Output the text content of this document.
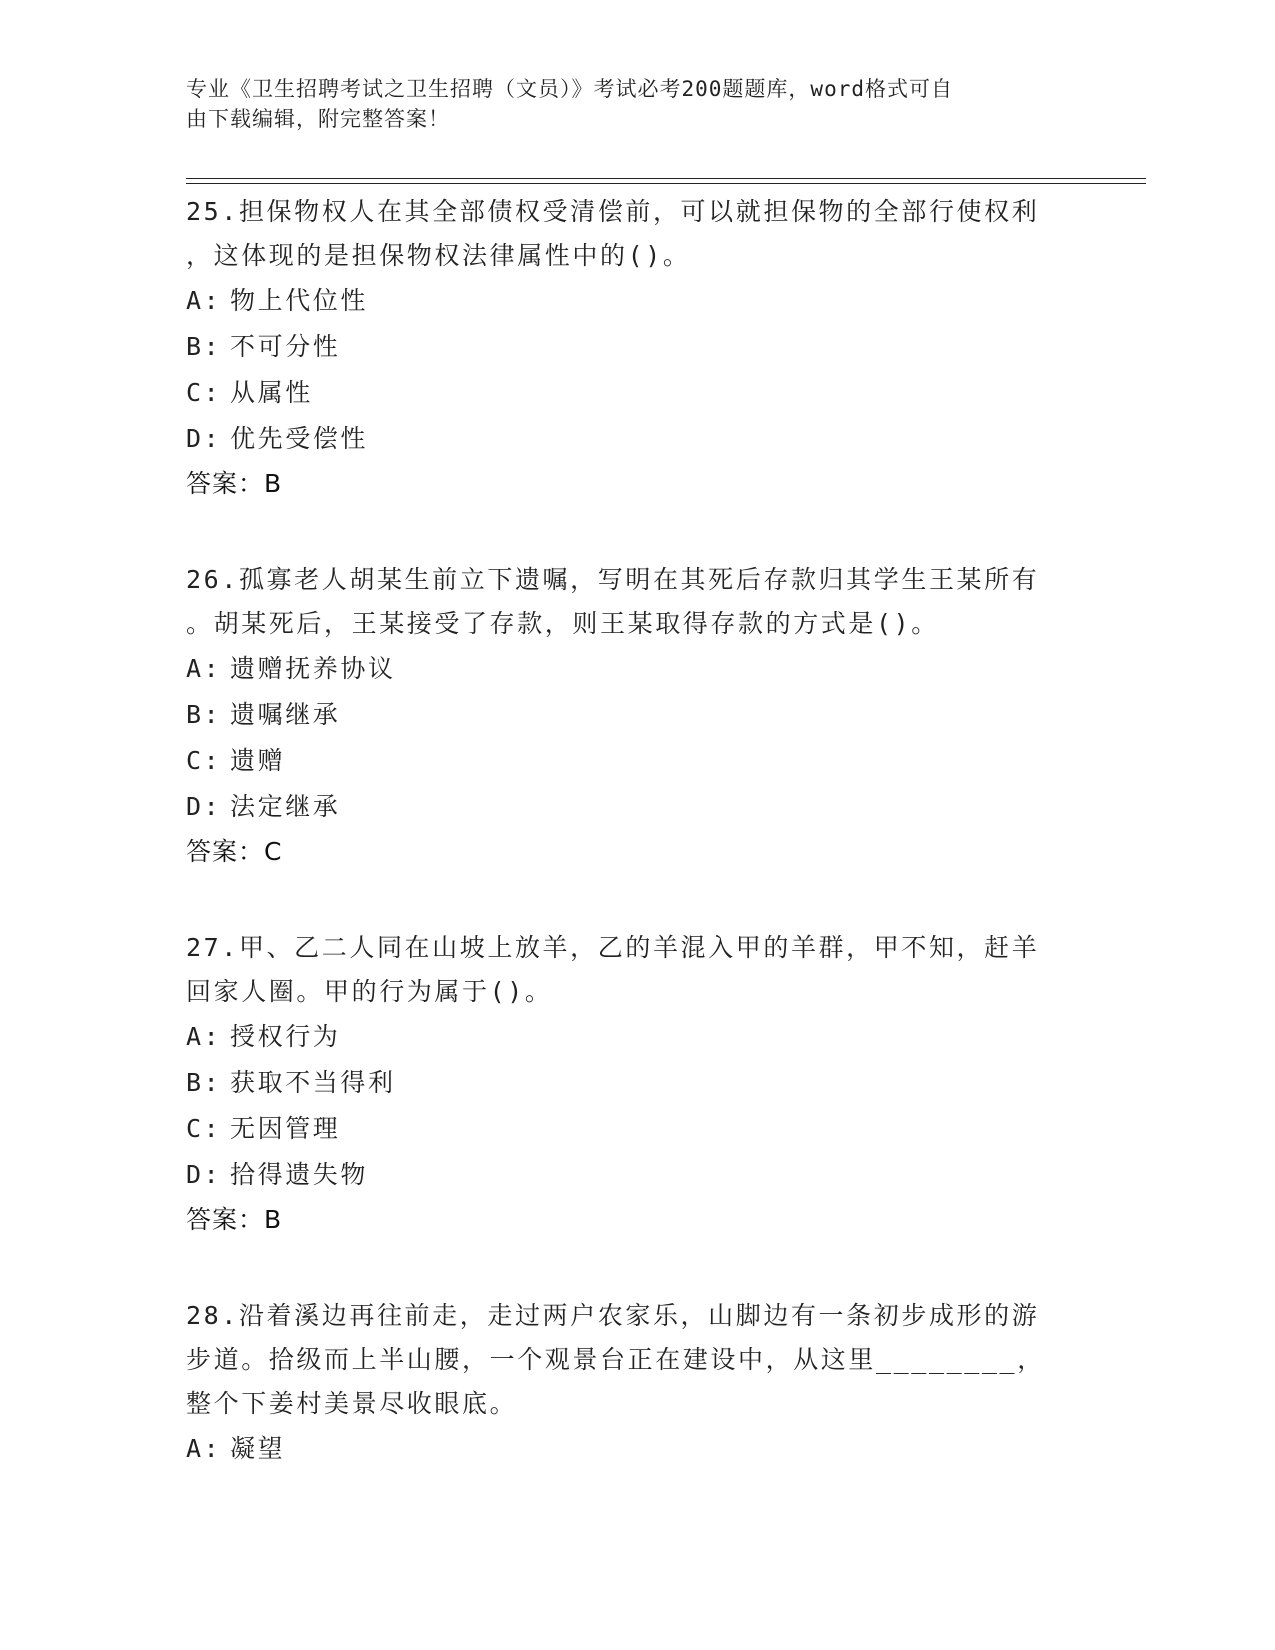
专业《卫生招聘考试之卫生招聘（文员）》考试必考200题题库，word格式可自
由下载编辑，附完整答案！
25.担保物权人在其全部债权受清偿前，可以就担保物的全部行使权利
，这体现的是担保物权法律属性中的()。
A: 物上代位性
B: 不可分性
C: 从属性
D: 优先受偿性
答案：B
26.孤寡老人胡某生前立下遗嘱，写明在其死后存款归其学生王某所有
。胡某死后，王某接受了存款，则王某取得存款的方式是()。
A: 遗赠抚养协议
B: 遗嘱继承
C: 遗赠
D: 法定继承
答案：C
27.甲、乙二人同在山坡上放羊，乙的羊混入甲的羊群，甲不知，赶羊
回家人圈。甲的行为属于()。
A: 授权行为
B: 获取不当得利
C: 无因管理
D: 拾得遗失物
答案：B
28.沿着溪边再往前走，走过两户农家乐，山脚边有一条初步成形的游
步道。拾级而上半山腰，一个观景台正在建设中，从这里________，
整个下姜村美景尽收眼底。
A: 凝望
